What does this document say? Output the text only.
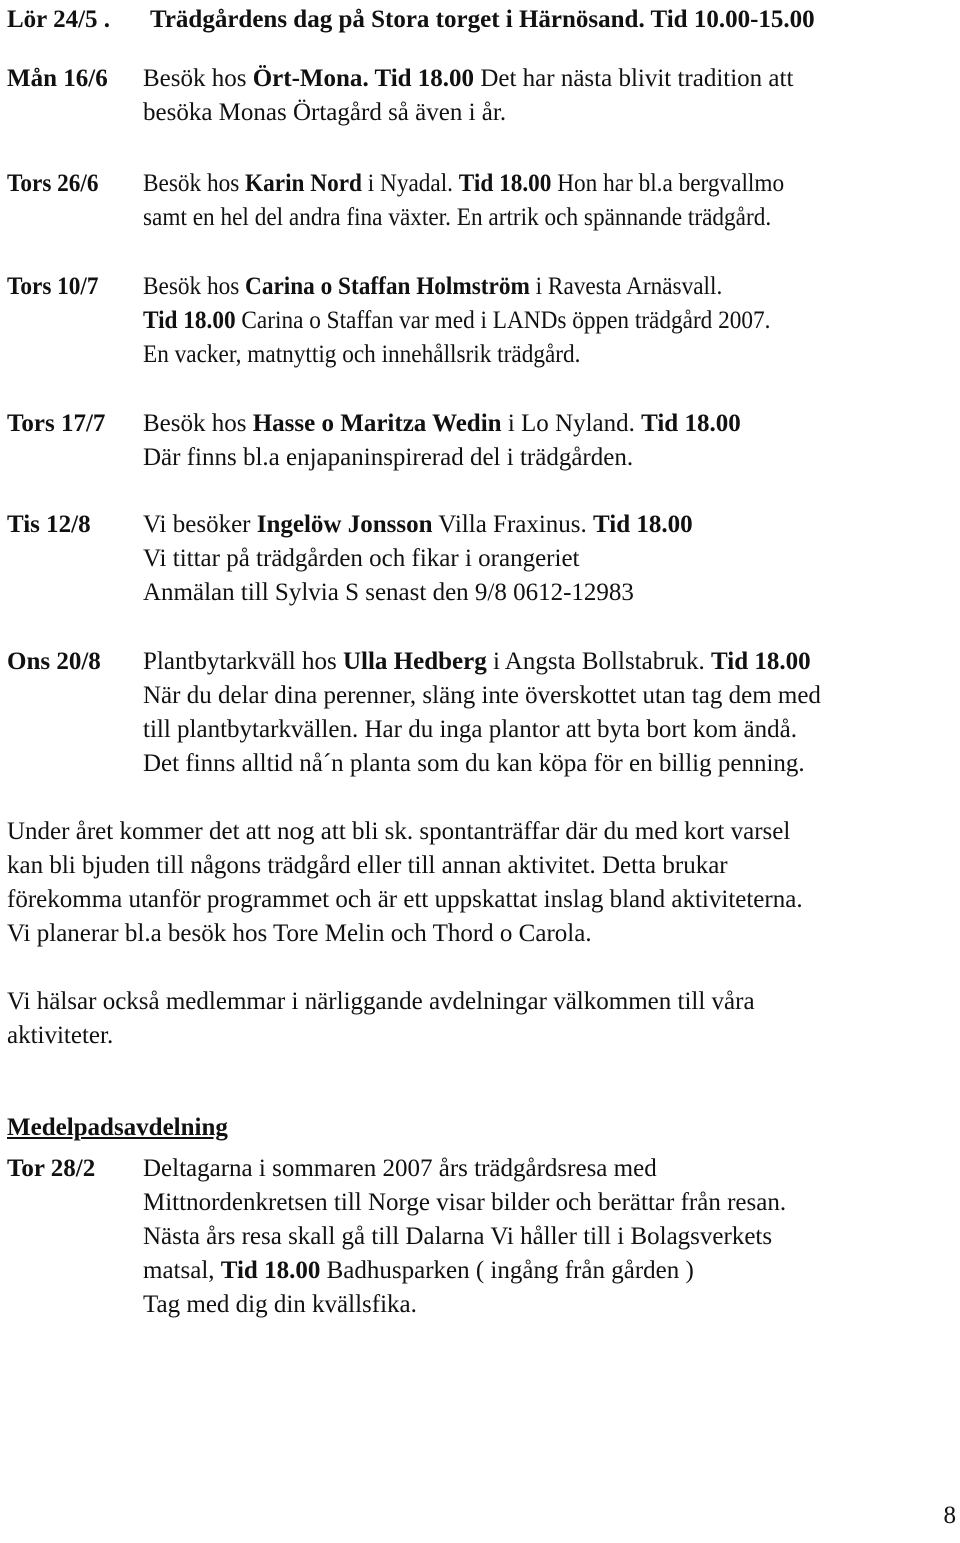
Lör 24/5 . Trädgårdens dag på Stora torget i Härnösand. Tid 10.00-15.00
Mån 16/6 Besök hos Ört-Mona. Tid 18.00 Det har nästa blivit tradition att
besöka Monas Örtagård så även i år.
Tors 26/6 Besök hos Karin Nord i Nyadal. Tid 18.00 Hon har bl.a bergvallmo
samt en hel del andra fina växter. En artrik och spännande trädgård.
Tors 10/7 Besök hos Carina o Staffan Holmström i Ravesta Arnäsvall.
Tid 18.00 Carina o Staffan var med i LANDs öppen trädgård 2007.
En vacker, matnyttig och innehållsrik trädgård.
Tors 17/7 Besök hos Hasse o Maritza Wedin i Lo Nyland. Tid 18.00
Där finns bl.a enjapaninspirerad del i trädgården.
Tis 12/8 Vi besöker Ingelöw Jonsson Villa Fraxinus. Tid 18.00
Vi tittar på trädgården och fikar i orangeriet
Anmälan till Sylvia S senast den 9/8 0612-12983
Ons 20/8 Plantbytarkväll hos Ulla Hedberg i Angsta Bollstabruk. Tid 18.00
När du delar dina perenner, släng inte överskottet utan tag dem med
till plantbytarkvällen. Har du inga plantor att byta bort kom ändå.
Det finns alltid nå´n planta som du kan köpa för en billig penning.
Under året kommer det att nog att bli sk. spontanträffar där du med kort varsel
kan bli bjuden till någons trädgård eller till annan aktivitet. Detta brukar
förekomma utanför programmet och är ett uppskattat inslag bland aktiviteterna.
Vi planerar bl.a besök hos Tore Melin och Thord o Carola.
Vi hälsar också medlemmar i närliggande avdelningar välkommen till våra
aktiviteter.
Medelpadsavdelning
Tor 28/2 Deltagarna i sommaren 2007 års trädgårdsresa med
Mittnordenkretsen till Norge visar bilder och berättar från resan.
Nästa års resa skall gå till Dalarna Vi håller till i Bolagsverkets
matsal, Tid 18.00 Badhusparken ( ingång från gården )
Tag med dig din kvällsfika.
8
